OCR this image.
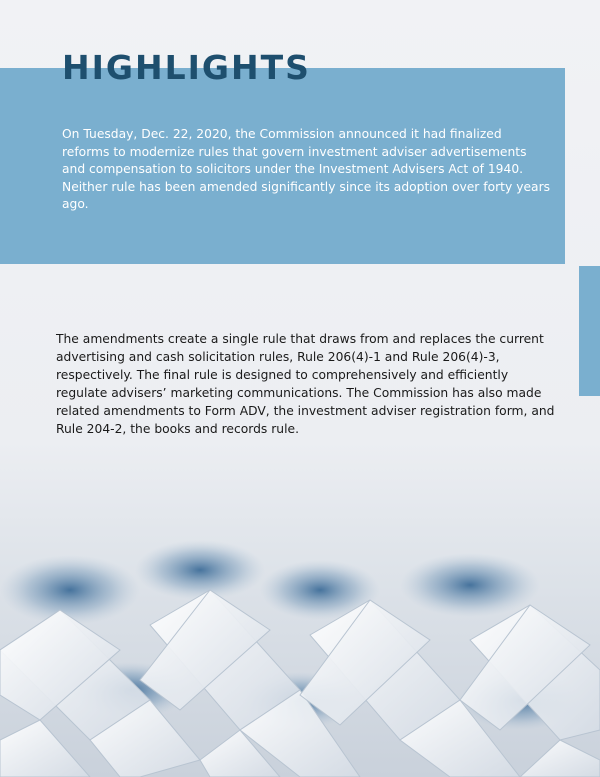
HIGHLIGHTS

On Tuesday, Dec. 22, 2020, the Commission announced it had finalized reforms to modernize rules that govern investment adviser advertisements and compensation to solicitors under the Investment Advisers Act of 1940. Neither rule has been amended significantly since its adoption over forty years ago.

The amendments create a single rule that draws from and replaces the current advertising and cash solicitation rules, Rule 206(4)-1 and Rule 206(4)-3, respectively. The final rule is designed to comprehensively and efficiently regulate advisers’ marketing communications. The Commission has also made related amendments to Form ADV, the investment adviser registration form, and Rule 204-2, the books and records rule.
